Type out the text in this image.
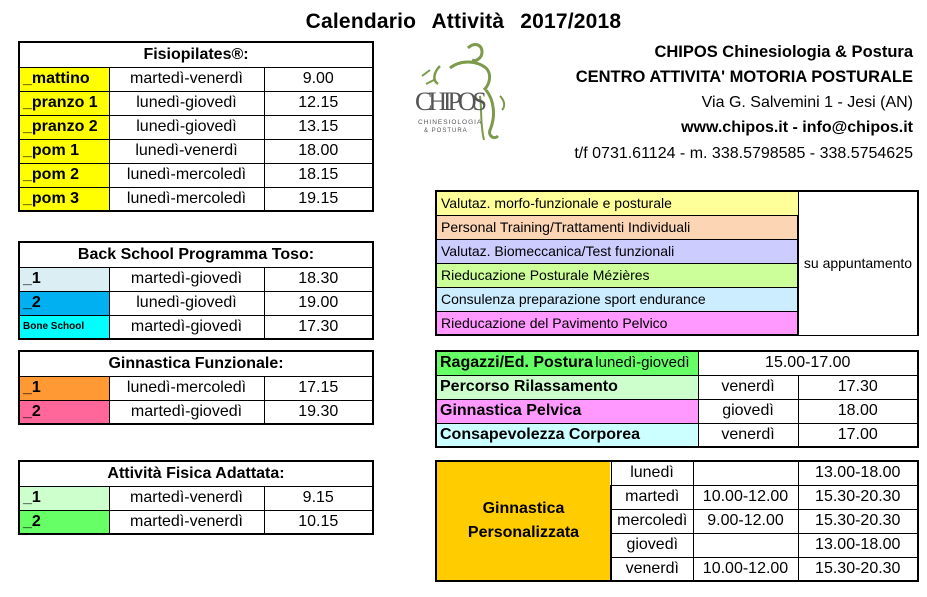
Calendario Attività 2017/2018
CHIPOS
CHINESIOLOGIA
& POSTURA
CHIPOS Chinesiologia & Postura
CENTRO ATTIVITA' MOTORIA POSTURALE
Via G. Salvemini 1 - Jesi (AN)
www.chipos.it - info@chipos.it
t/f 0731.61124 - m. 338.5798585 - 338.5754625
Fisiopilates®:		
_mattino	martedì-venerdì	9.00
_pranzo 1	lunedì-giovedì	12.15
_pranzo 2	lunedì-giovedì	13.15
_pom 1	lunedì-venerdì	18.00
_pom 2	lunedì-mercoledì	18.15
_pom 3	lunedì-mercoledì	19.15
Back School Programma Toso:		
_1	martedì-giovedì	18.30
_2	lunedì-giovedì	19.00
Bone School	martedì-giovedì	17.30
Ginnastica Funzionale:		
_1	lunedì-mercoledì	17.15
_2	martedì-giovedì	19.30
Attività Fisica Adattata:		
_1	martedì-venerdì	9.15
_2	martedì-venerdì	10.15
Valutaz. morfo-funzionale e posturale	su appuntamento
Personal Training/Trattamenti Individuali
Valutaz. Biomeccanica/Test funzionali
Rieducazione Posturale Mézières
Consulenza preparazione sport endurance
Rieducazione del Pavimento Pelvico
Ragazzi/Ed. Postura lunedì-giovedì	15.00-17.00	
Percorso Rilassamento	venerdì	17.30
Ginnastica Pelvica	giovedì	18.00
Consapevolezza Corporea	venerdì	17.00
Ginnastica Personalizzata	lunedì		13.00-18.00
	martedì	10.00-12.00	15.30-20.30
	mercoledì	9.00-12.00	15.30-20.30
	giovedì		13.00-18.00
	venerdì	10.00-12.00	15.30-20.30
